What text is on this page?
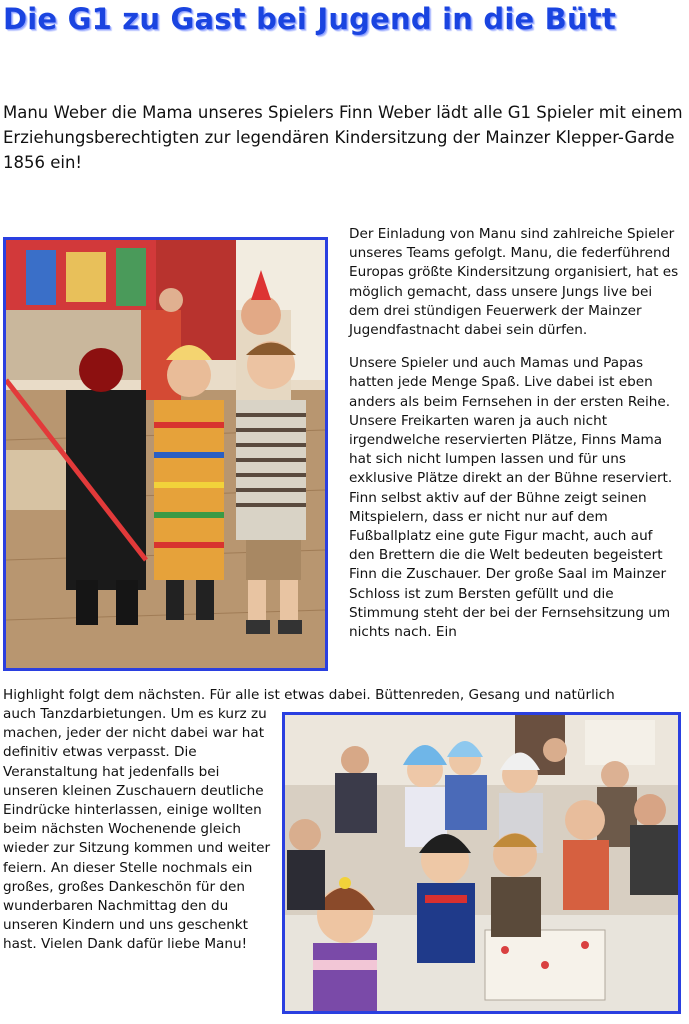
Die G1 zu Gast bei Jugend in die Bütt

Manu Weber die Mama unseres Spielers Finn Weber lädt alle G1 Spieler mit einem Erziehungsberechtigten zur legendären Kindersitzung der Mainzer Klepper-Garde 1856 ein!

Der Einladung von Manu sind zahlreiche Spieler unseres Teams gefolgt. Manu, die federführend Europas größte Kindersitzung organisiert, hat es möglich gemacht, dass unsere Jungs live bei dem drei stündigen Feuerwerk der Mainzer Jugendfastnacht dabei sein dürfen.

Unsere Spieler und auch Mamas und Papas hatten jede Menge Spaß. Live dabei ist eben anders als beim Fernsehen in der ersten Reihe. Unsere Freikarten waren ja auch nicht irgendwelche reservierten Plätze, Finns Mama hat sich nicht lumpen lassen und für uns exklusive Plätze direkt an der Bühne reserviert. Finn selbst aktiv auf der Bühne zeigt seinen Mitspielern, dass er nicht nur auf dem Fußballplatz eine gute Figur macht, auch auf den Brettern die die Welt bedeuten begeistert Finn die Zuschauer. Der große Saal im Mainzer Schloss ist zum Bersten gefüllt und die Stimmung steht der bei der Fernsehsitzung um nichts nach. Ein

Highlight folgt dem nächsten. Für alle ist etwas dabei. Büttenreden, Gesang und natürlich

auch Tanzdarbietungen. Um es kurz zu machen, jeder der nicht dabei war hat definitiv etwas verpasst. Die Veranstaltung hat jedenfalls bei unseren kleinen Zuschauern deutliche Eindrücke hinterlassen, einige wollten beim nächsten Wochenende gleich wieder zur Sitzung kommen und weiter feiern. An dieser Stelle nochmals ein großes, großes Dankeschön für den wunderbaren Nachmittag den du unseren Kindern und uns geschenkt hast. Vielen Dank dafür liebe Manu!
